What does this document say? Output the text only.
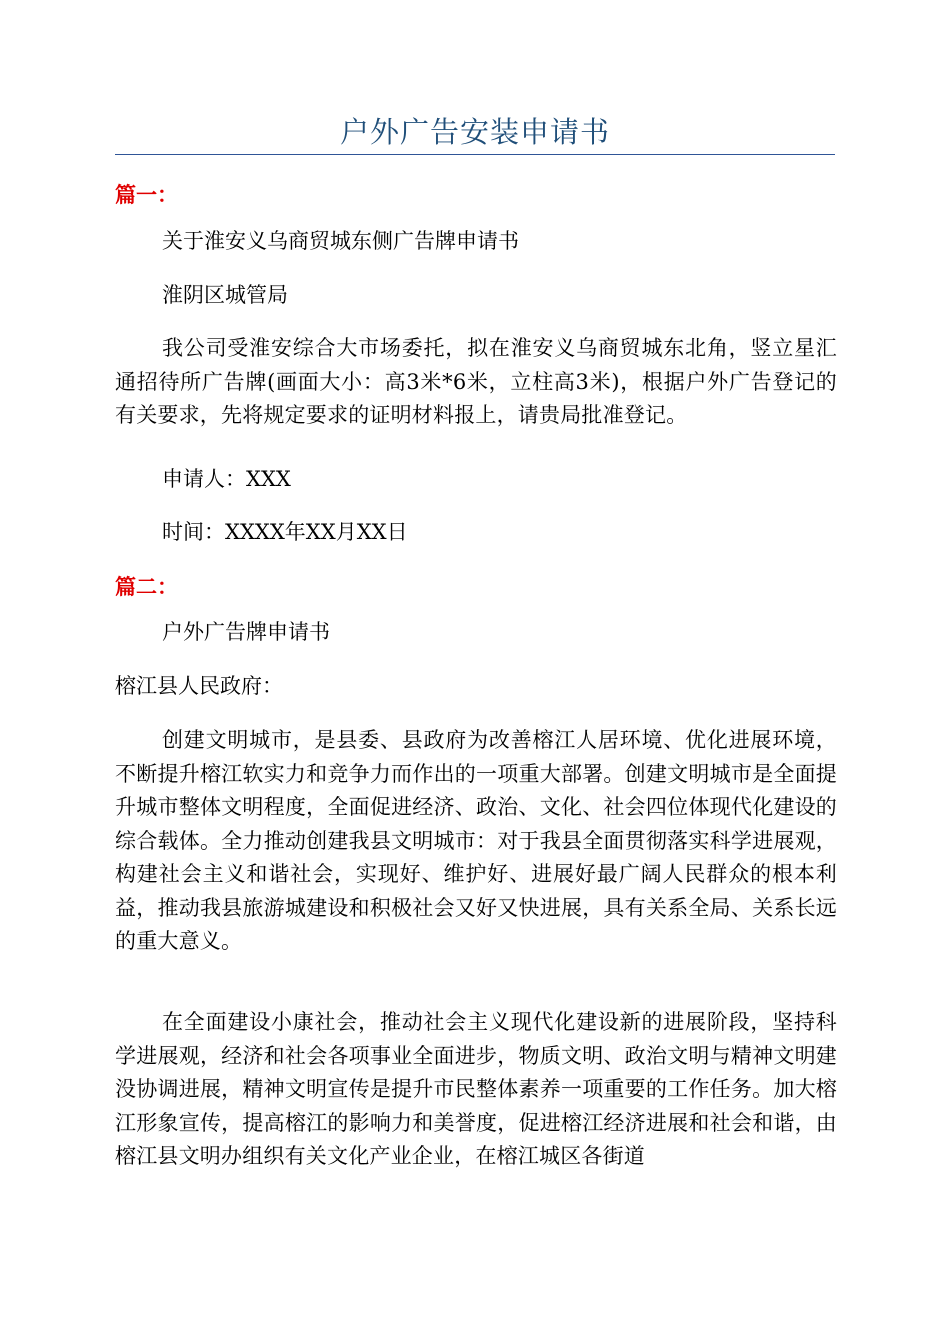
户外广告安装申请书
篇一：
关于淮安义乌商贸城东侧广告牌申请书
淮阴区城管局
我公司受淮安综合大市场委托，拟在淮安义乌商贸城东北角，竖立星汇通招待所广告牌(画面大小：高3米*6米，立柱高3米)，根据户外广告登记的有关要求，先将规定要求的证明材料报上，请贵局批准登记。
申请人：XXX
时间：XXXX年XX月XX日
篇二：
户外广告牌申请书
榕江县人民政府：
创建文明城市，是县委、县政府为改善榕江人居环境、优化进展环境，不断提升榕江软实力和竞争力而作出的一项重大部署。创建文明城市是全面提升城市整体文明程度，全面促进经济、政治、文化、社会四位体现代化建设的综合载体。全力推动创建我县文明城市：对于我县全面贯彻落实科学进展观，构建社会主义和谐社会，实现好、维护好、进展好最广阔人民群众的根本利益，推动我县旅游城建设和积极社会又好又快进展，具有关系全局、关系长远的重大意义。
在全面建设小康社会，推动社会主义现代化建设新的进展阶段，坚持科学进展观，经济和社会各项事业全面进步，物质文明、政治文明与精神文明建没协调进展，精神文明宣传是提升市民整体素养一项重要的工作任务。加大榕江形象宣传，提高榕江的影响力和美誉度，促进榕江经济进展和社会和谐，由榕江县文明办组织有关文化产业企业，在榕江城区各街道
